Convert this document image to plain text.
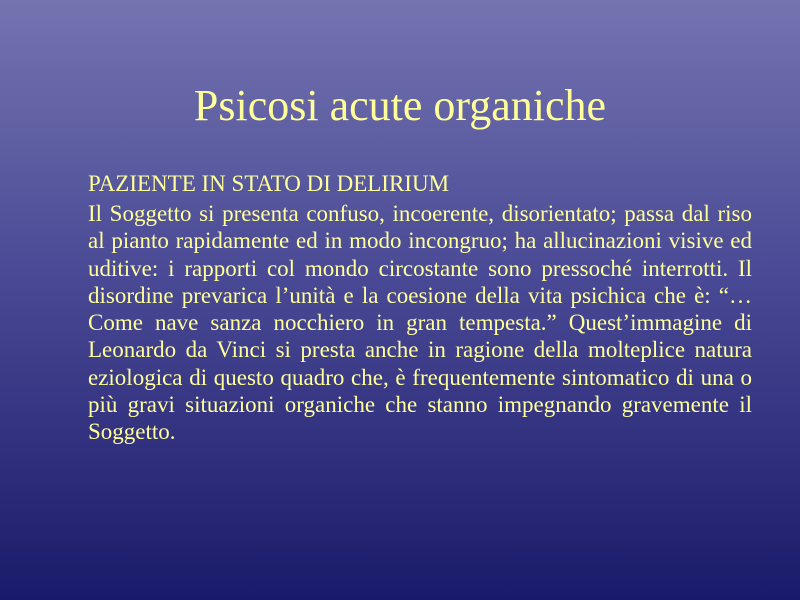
Psicosi acute organiche

PAZIENTE IN STATO DI DELIRIUM

Il Soggetto si presenta confuso, incoerente, disorientato; passa dal riso al pianto rapidamente ed in modo incongruo; ha allucinazioni visive ed uditive: i rapporti col mondo circostante sono pressoché interrotti. Il disordine prevarica l’unità e la coesione della vita psichica che è: “…Come nave sanza nocchiero in gran tempesta.” Quest’immagine di Leonardo da Vinci si presta anche in ragione della molteplice natura eziologica di questo quadro che, è frequentemente sintomatico di una o più gravi situazioni organiche che stanno impegnando gravemente il Soggetto.
